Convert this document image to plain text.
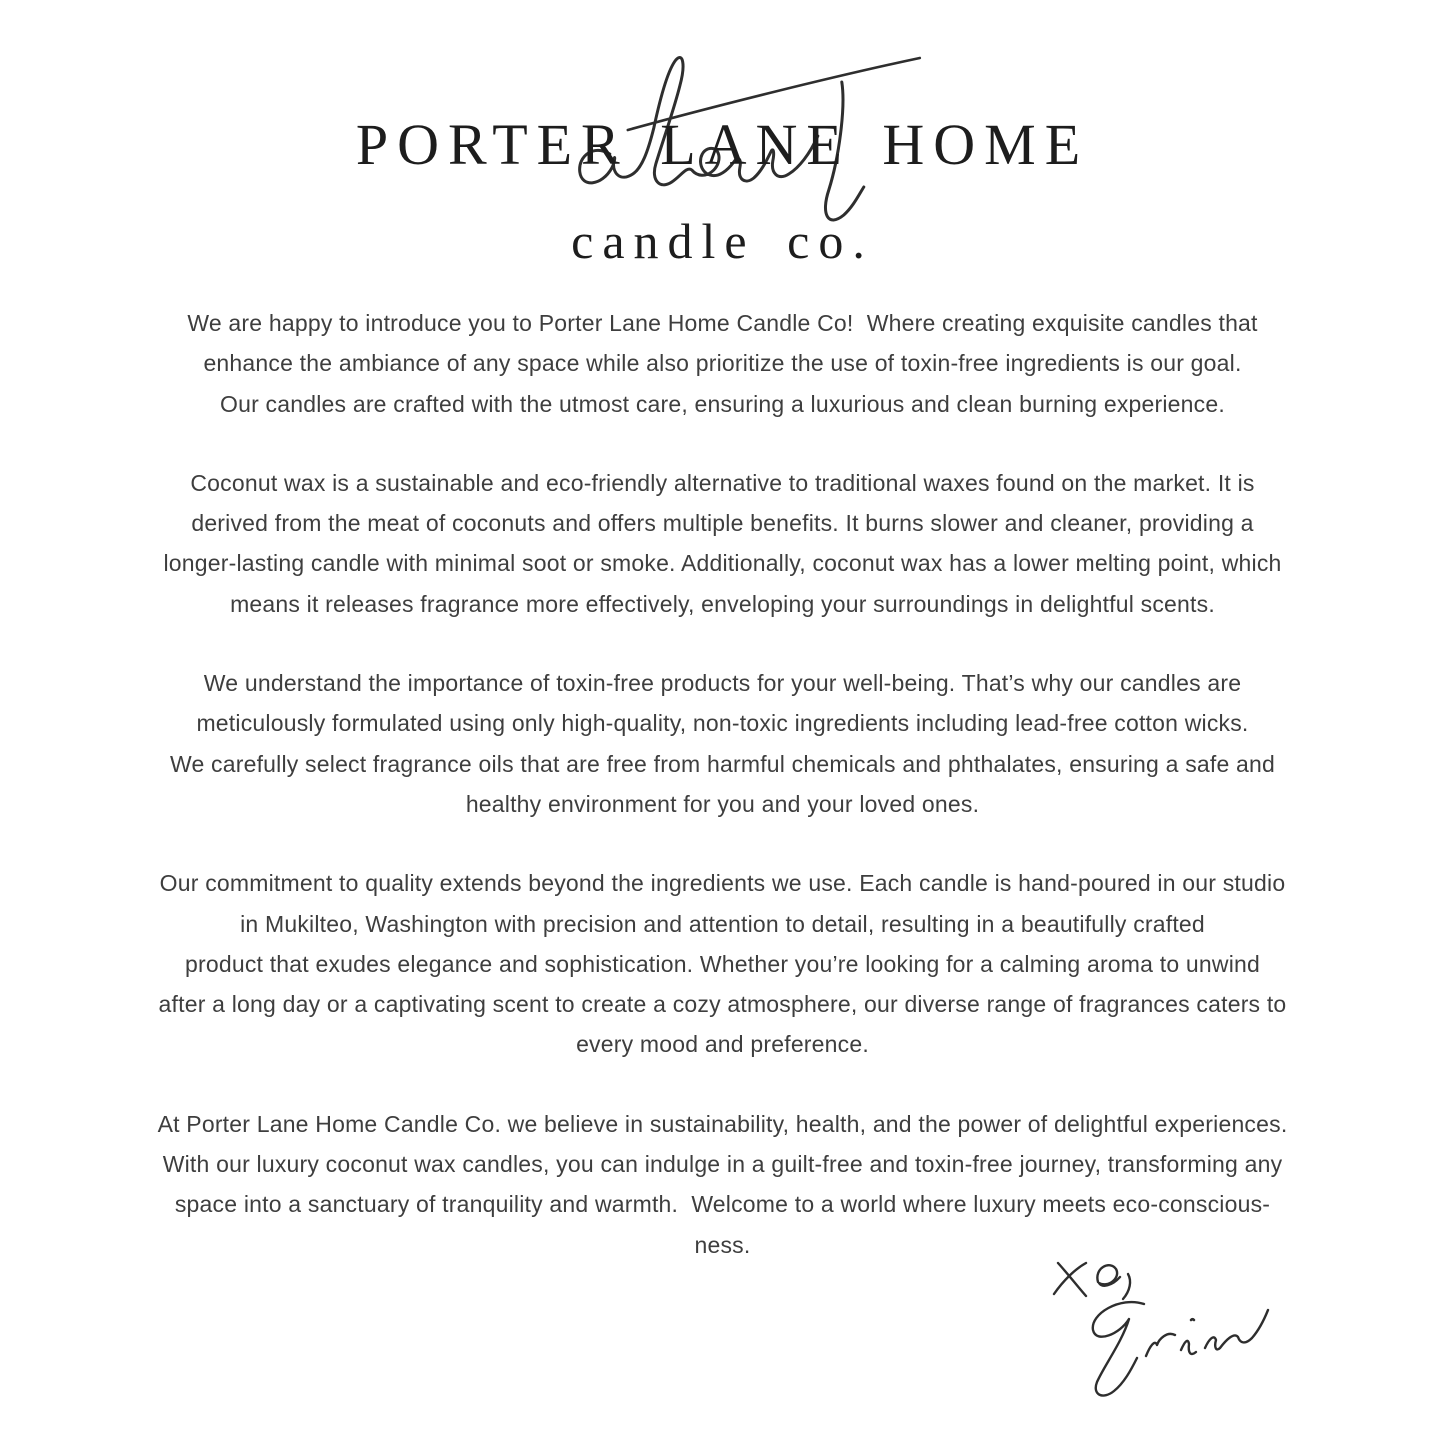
PORTER LANE HOME
candle co.
We are happy to introduce you to Porter Lane Home Candle Co!  Where creating exquisite candles that
enhance the ambiance of any space while also prioritize the use of toxin-free ingredients is our goal.
Our candles are crafted with the utmost care, ensuring a luxurious and clean burning experience.
Coconut wax is a sustainable and eco-friendly alternative to traditional waxes found on the market. It is
derived from the meat of coconuts and offers multiple benefits. It burns slower and cleaner, providing a
longer-lasting candle with minimal soot or smoke. Additionally, coconut wax has a lower melting point, which
means it releases fragrance more effectively, enveloping your surroundings in delightful scents.
We understand the importance of toxin-free products for your well-being. That’s why our candles are
meticulously formulated using only high-quality, non-toxic ingredients including lead-free cotton wicks.
We carefully select fragrance oils that are free from harmful chemicals and phthalates, ensuring a safe and
healthy environment for you and your loved ones.
Our commitment to quality extends beyond the ingredients we use. Each candle is hand-poured in our studio
in Mukilteo, Washington with precision and attention to detail, resulting in a beautifully crafted
product that exudes elegance and sophistication. Whether you’re looking for a calming aroma to unwind
after a long day or a captivating scent to create a cozy atmosphere, our diverse range of fragrances caters to
every mood and preference.
At Porter Lane Home Candle Co. we believe in sustainability, health, and the power of delightful experiences.
With our luxury coconut wax candles, you can indulge in a guilt-free and toxin-free journey, transforming any
space into a sanctuary of tranquility and warmth.  Welcome to a world where luxury meets eco-conscious-
ness.
